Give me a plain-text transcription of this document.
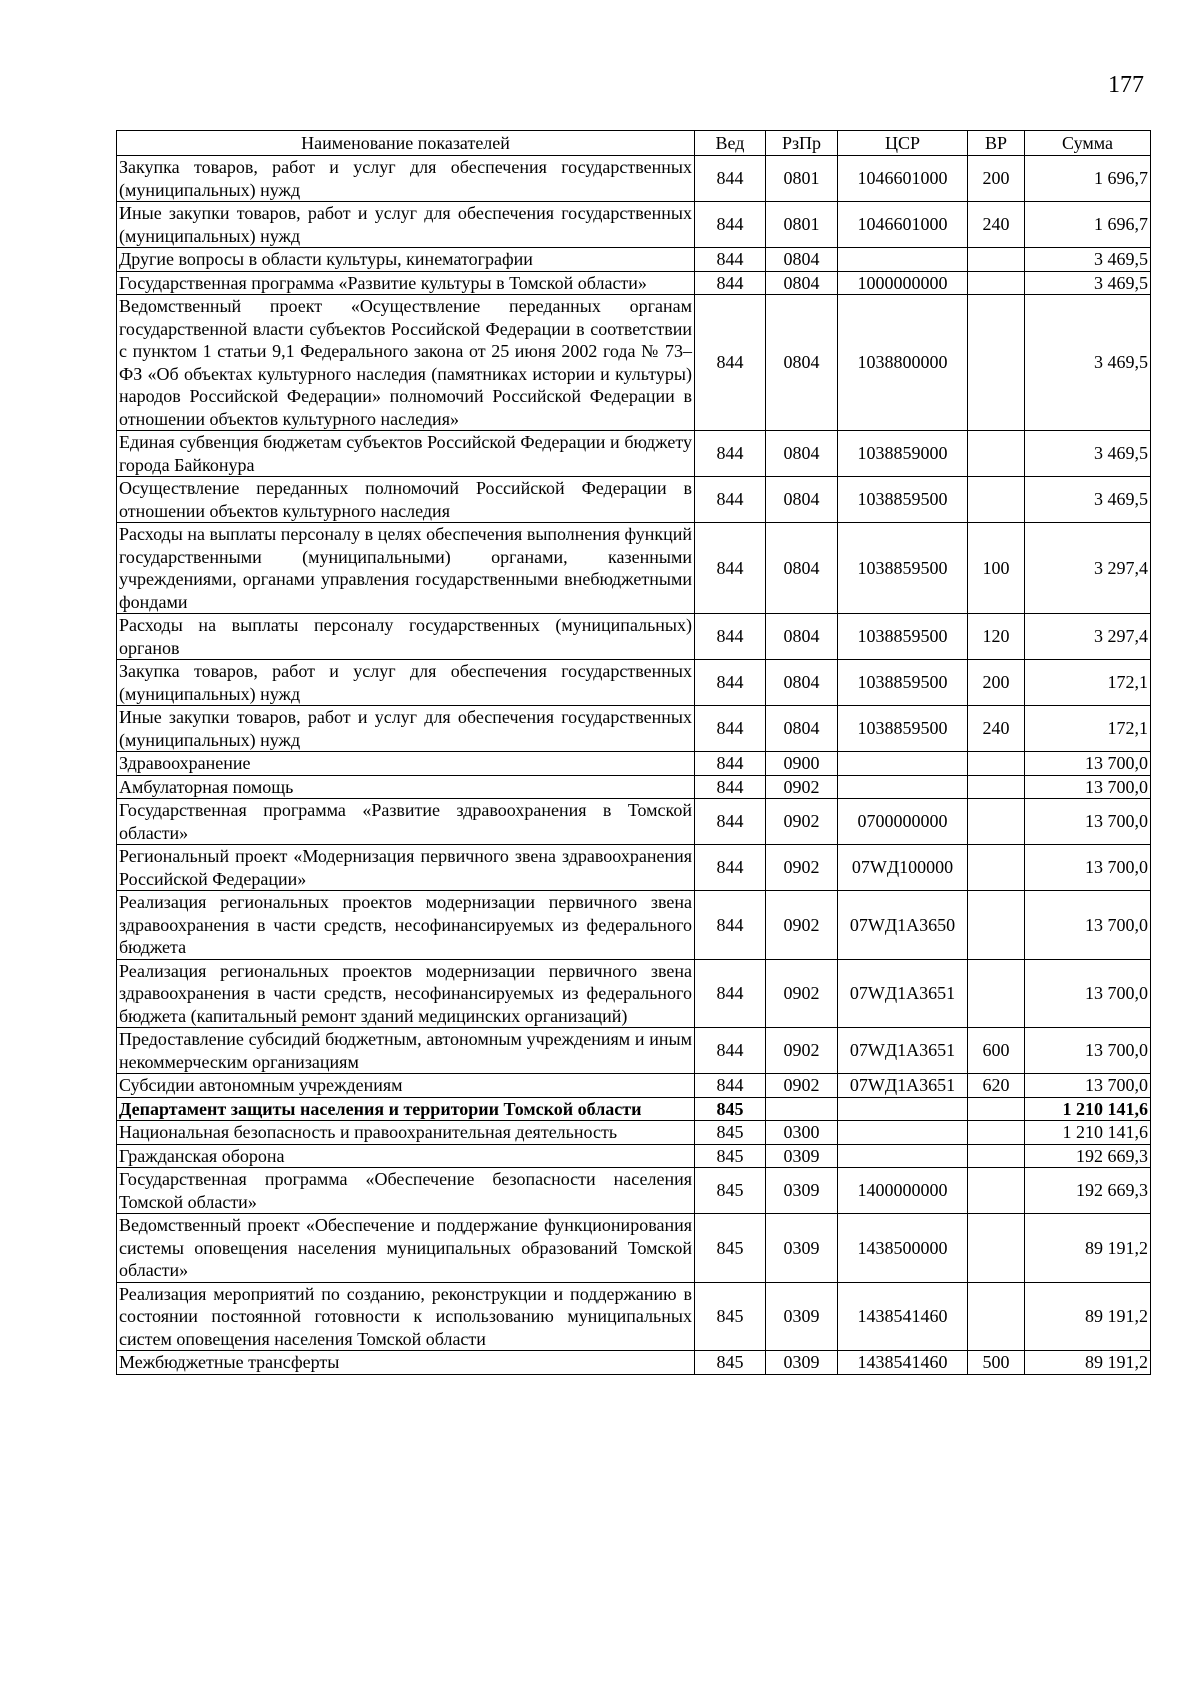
177
Наименование показателей	Вед	РзПр	ЦСР	ВР	Сумма
Закупка товаров, работ и услуг для обеспечения государственных (муниципальных) нужд	844	0801	1046601000	200	1 696,7
Иные закупки товаров, работ и услуг для обеспечения государственных (муниципальных) нужд	844	0801	1046601000	240	1 696,7
Другие вопросы в области культуры, кинематографии	844	0804			3 469,5
Государственная программа «Развитие культуры в Томской области»	844	0804	1000000000		3 469,5
Ведомственный проект «Осуществление переданных органам государственной власти субъектов Российской Федерации в соответствии с пунктом 1 статьи 9,1 Федерального закона от 25 июня 2002 года № 73–ФЗ «Об объектах культурного наследия (памятниках истории и культуры) народов Российской Федерации» полномочий Российской Федерации в отношении объектов культурного наследия»	844	0804	1038800000		3 469,5
Единая субвенция бюджетам субъектов Российской Федерации и бюджету города Байконура	844	0804	1038859000		3 469,5
Осуществление переданных полномочий Российской Федерации в отношении объектов культурного наследия	844	0804	1038859500		3 469,5
Расходы на выплаты персоналу в целях обеспечения выполнения функций государственными (муниципальными) органами, казенными учреждениями, органами управления государственными внебюджетными фондами	844	0804	1038859500	100	3 297,4
Расходы на выплаты персоналу государственных (муниципальных) органов	844	0804	1038859500	120	3 297,4
Закупка товаров, работ и услуг для обеспечения государственных (муниципальных) нужд	844	0804	1038859500	200	172,1
Иные закупки товаров, работ и услуг для обеспечения государственных (муниципальных) нужд	844	0804	1038859500	240	172,1
Здравоохранение	844	0900			13 700,0
Амбулаторная помощь	844	0902			13 700,0
Государственная программа «Развитие здравоохранения в Томской области»	844	0902	0700000000		13 700,0
Региональный проект «Модернизация первичного звена здравоохранения Российской Федерации»	844	0902	07WД100000		13 700,0
Реализация региональных проектов модернизации первичного звена здравоохранения в части средств, несофинансируемых из федерального бюджета	844	0902	07WД1А3650		13 700,0
Реализация региональных проектов модернизации первичного звена здравоохранения в части средств, несофинансируемых из федерального бюджета (капитальный ремонт зданий медицинских организаций)	844	0902	07WД1А3651		13 700,0
Предоставление субсидий бюджетным, автономным учреждениям и иным некоммерческим организациям	844	0902	07WД1А3651	600	13 700,0
Субсидии автономным учреждениям	844	0902	07WД1А3651	620	13 700,0
Департамент защиты населения и территории Томской области	845				1 210 141,6
Национальная безопасность и правоохранительная деятельность	845	0300			1 210 141,6
Гражданская оборона	845	0309			192 669,3
Государственная программа «Обеспечение безопасности населения Томской области»	845	0309	1400000000		192 669,3
Ведомственный проект «Обеспечение и поддержание функционирования системы оповещения населения муниципальных образований Томской области»	845	0309	1438500000		89 191,2
Реализация мероприятий по созданию, реконструкции и поддержанию в состоянии постоянной готовности к использованию муниципальных систем оповещения населения Томской области	845	0309	1438541460		89 191,2
Межбюджетные трансферты	845	0309	1438541460	500	89 191,2
